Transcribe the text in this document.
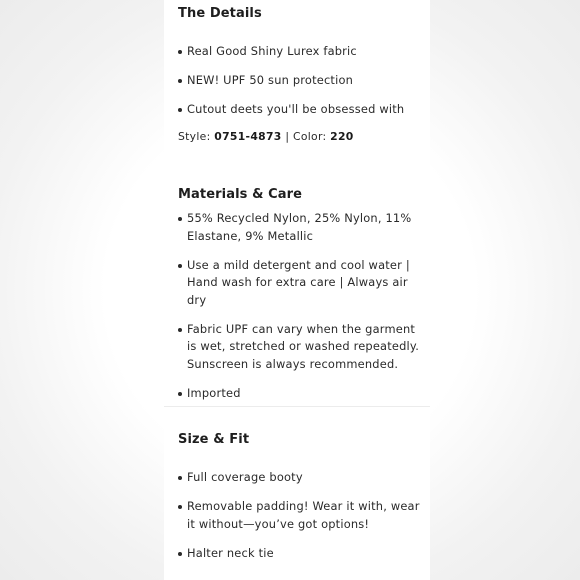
The Details
Real Good Shiny Lurex fabric
NEW! UPF 50 sun protection
Cutout deets you'll be obsessed with
Style: 0751-4873 | Color: 220
Materials & Care
55% Recycled Nylon, 25% Nylon, 11% Elastane, 9% Metallic
Use a mild detergent and cool water | Hand wash for extra care | Always air dry
Fabric UPF can vary when the garment is wet, stretched or washed repeatedly. Sunscreen is always recommended.
Imported
Size & Fit
Full coverage booty
Removable padding! Wear it with, wear it without—you’ve got options!
Halter neck tie
